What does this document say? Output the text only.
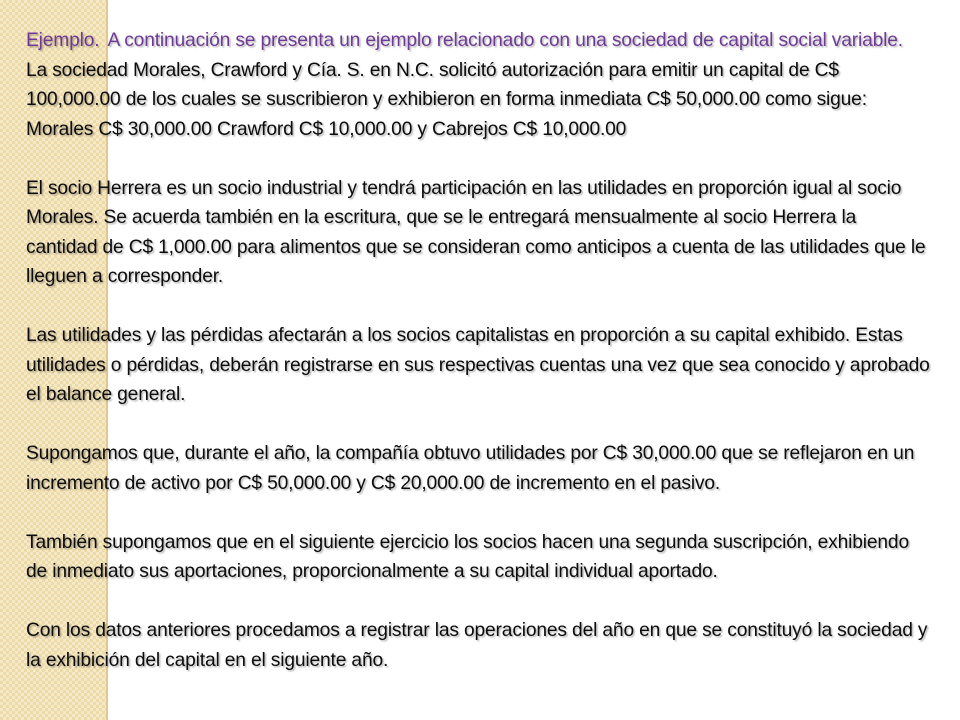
Ejemplo. A continuación se presenta un ejemplo relacionado con una sociedad de capital social variable.

La sociedad Morales, Crawford y Cía. S. en N.C. solicitó autorización para emitir un capital de C$ 100,000.00 de los cuales se suscribieron y exhibieron en forma inmediata C$ 50,000.00 como sigue: Morales C$ 30,000.00 Crawford C$ 10,000.00 y Cabrejos C$ 10,000.00

El socio Herrera es un socio industrial y tendrá participación en las utilidades en proporción igual al socio Morales. Se acuerda también en la escritura, que se le entregará mensualmente al socio Herrera la cantidad de C$ 1,000.00 para alimentos que se consideran como anticipos a cuenta de las utilidades que le lleguen a corresponder.

Las utilidades y las pérdidas afectarán a los socios capitalistas en proporción a su capital exhibido. Estas utilidades o pérdidas, deberán registrarse en sus respectivas cuentas una vez que sea conocido y aprobado el balance general.

Supongamos que, durante el año, la compañía obtuvo utilidades por C$ 30,000.00 que se reflejaron en un incremento de activo por C$ 50,000.00 y C$ 20,000.00 de incremento en el pasivo.

También supongamos que en el siguiente ejercicio los socios hacen una segunda suscripción, exhibiendo de inmediato sus aportaciones, proporcionalmente a su capital individual aportado.

Con los datos anteriores procedamos a registrar las operaciones del año en que se constituyó la sociedad y la exhibición del capital en el siguiente año.
